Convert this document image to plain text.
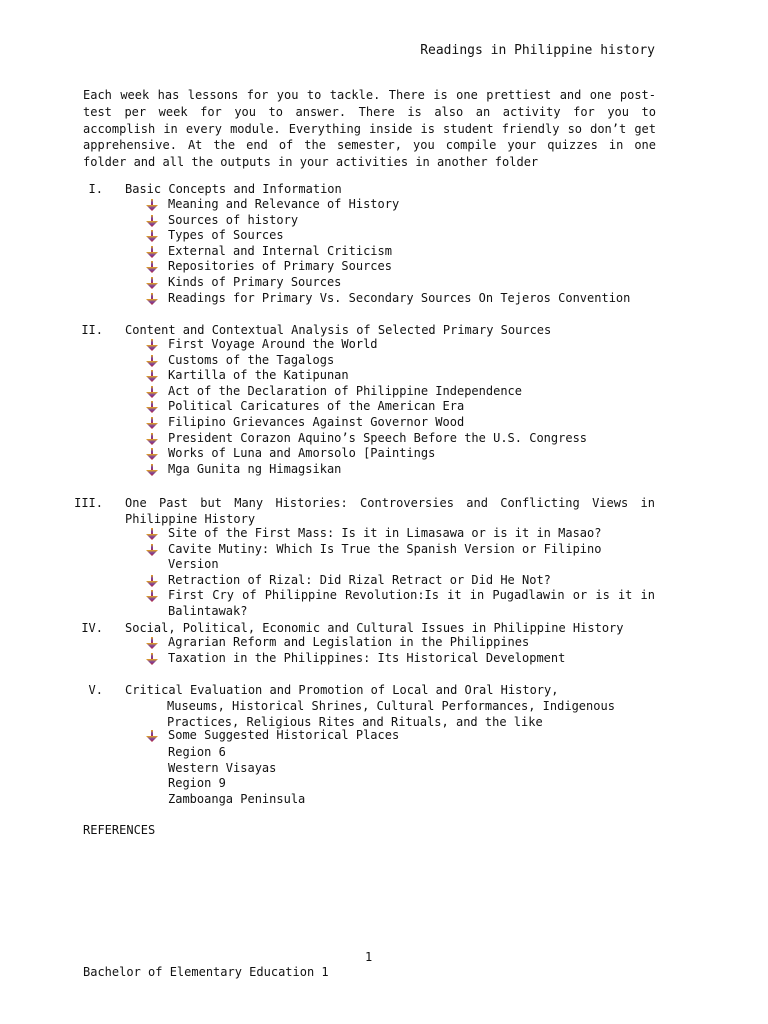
Readings in Philippine history

Each week has lessons for you to tackle. There is one prettiest and one post-test per week for you to answer. There is also an activity for you to accomplish in every module. Everything inside is student friendly so don’t get apprehensive. At the end of the semester, you compile your quizzes in one folder and all the outputs in your activities in another folder

I. Basic Concepts and Information
Meaning and Relevance of History
Sources of history
Types of Sources
External and Internal Criticism
Repositories of Primary Sources
Kinds of Primary Sources
Readings for Primary Vs. Secondary Sources On Tejeros Convention
II. Content and Contextual Analysis of Selected Primary Sources
First Voyage Around the World
Customs of the Tagalogs
Kartilla of the Katipunan
Act of the Declaration of Philippine Independence
Political Caricatures of the American Era
Filipino Grievances Against Governor Wood
President Corazon Aquino’s Speech Before the U.S. Congress
Works of Luna and Amorsolo [Paintings
Mga Gunita ng Himagsikan
III. One Past but Many Histories: Controversies and Conflicting Views in
Philippine History
Site of the First Mass: Is it in Limasawa or is it in Masao?
Cavite Mutiny: Which Is True the Spanish Version or Filipino Version
Retraction of Rizal: Did Rizal Retract or Did He Not?
First Cry of Philippine Revolution:Is it in Pugadlawin or is it in Balintawak?
IV. Social, Political, Economic and Cultural Issues in Philippine History
Agrarian Reform and Legislation in the Philippines
Taxation in the Philippines: Its Historical Development
V. Critical Evaluation and Promotion of Local and Oral History,
Museums, Historical Shrines, Cultural Performances, Indigenous
Practices, Religious Rites and Rituals, and the like
Some Suggested Historical Places
Region 6
Western Visayas
Region 9
Zamboanga Peninsula
REFERENCES
1
Bachelor of Elementary Education 1
